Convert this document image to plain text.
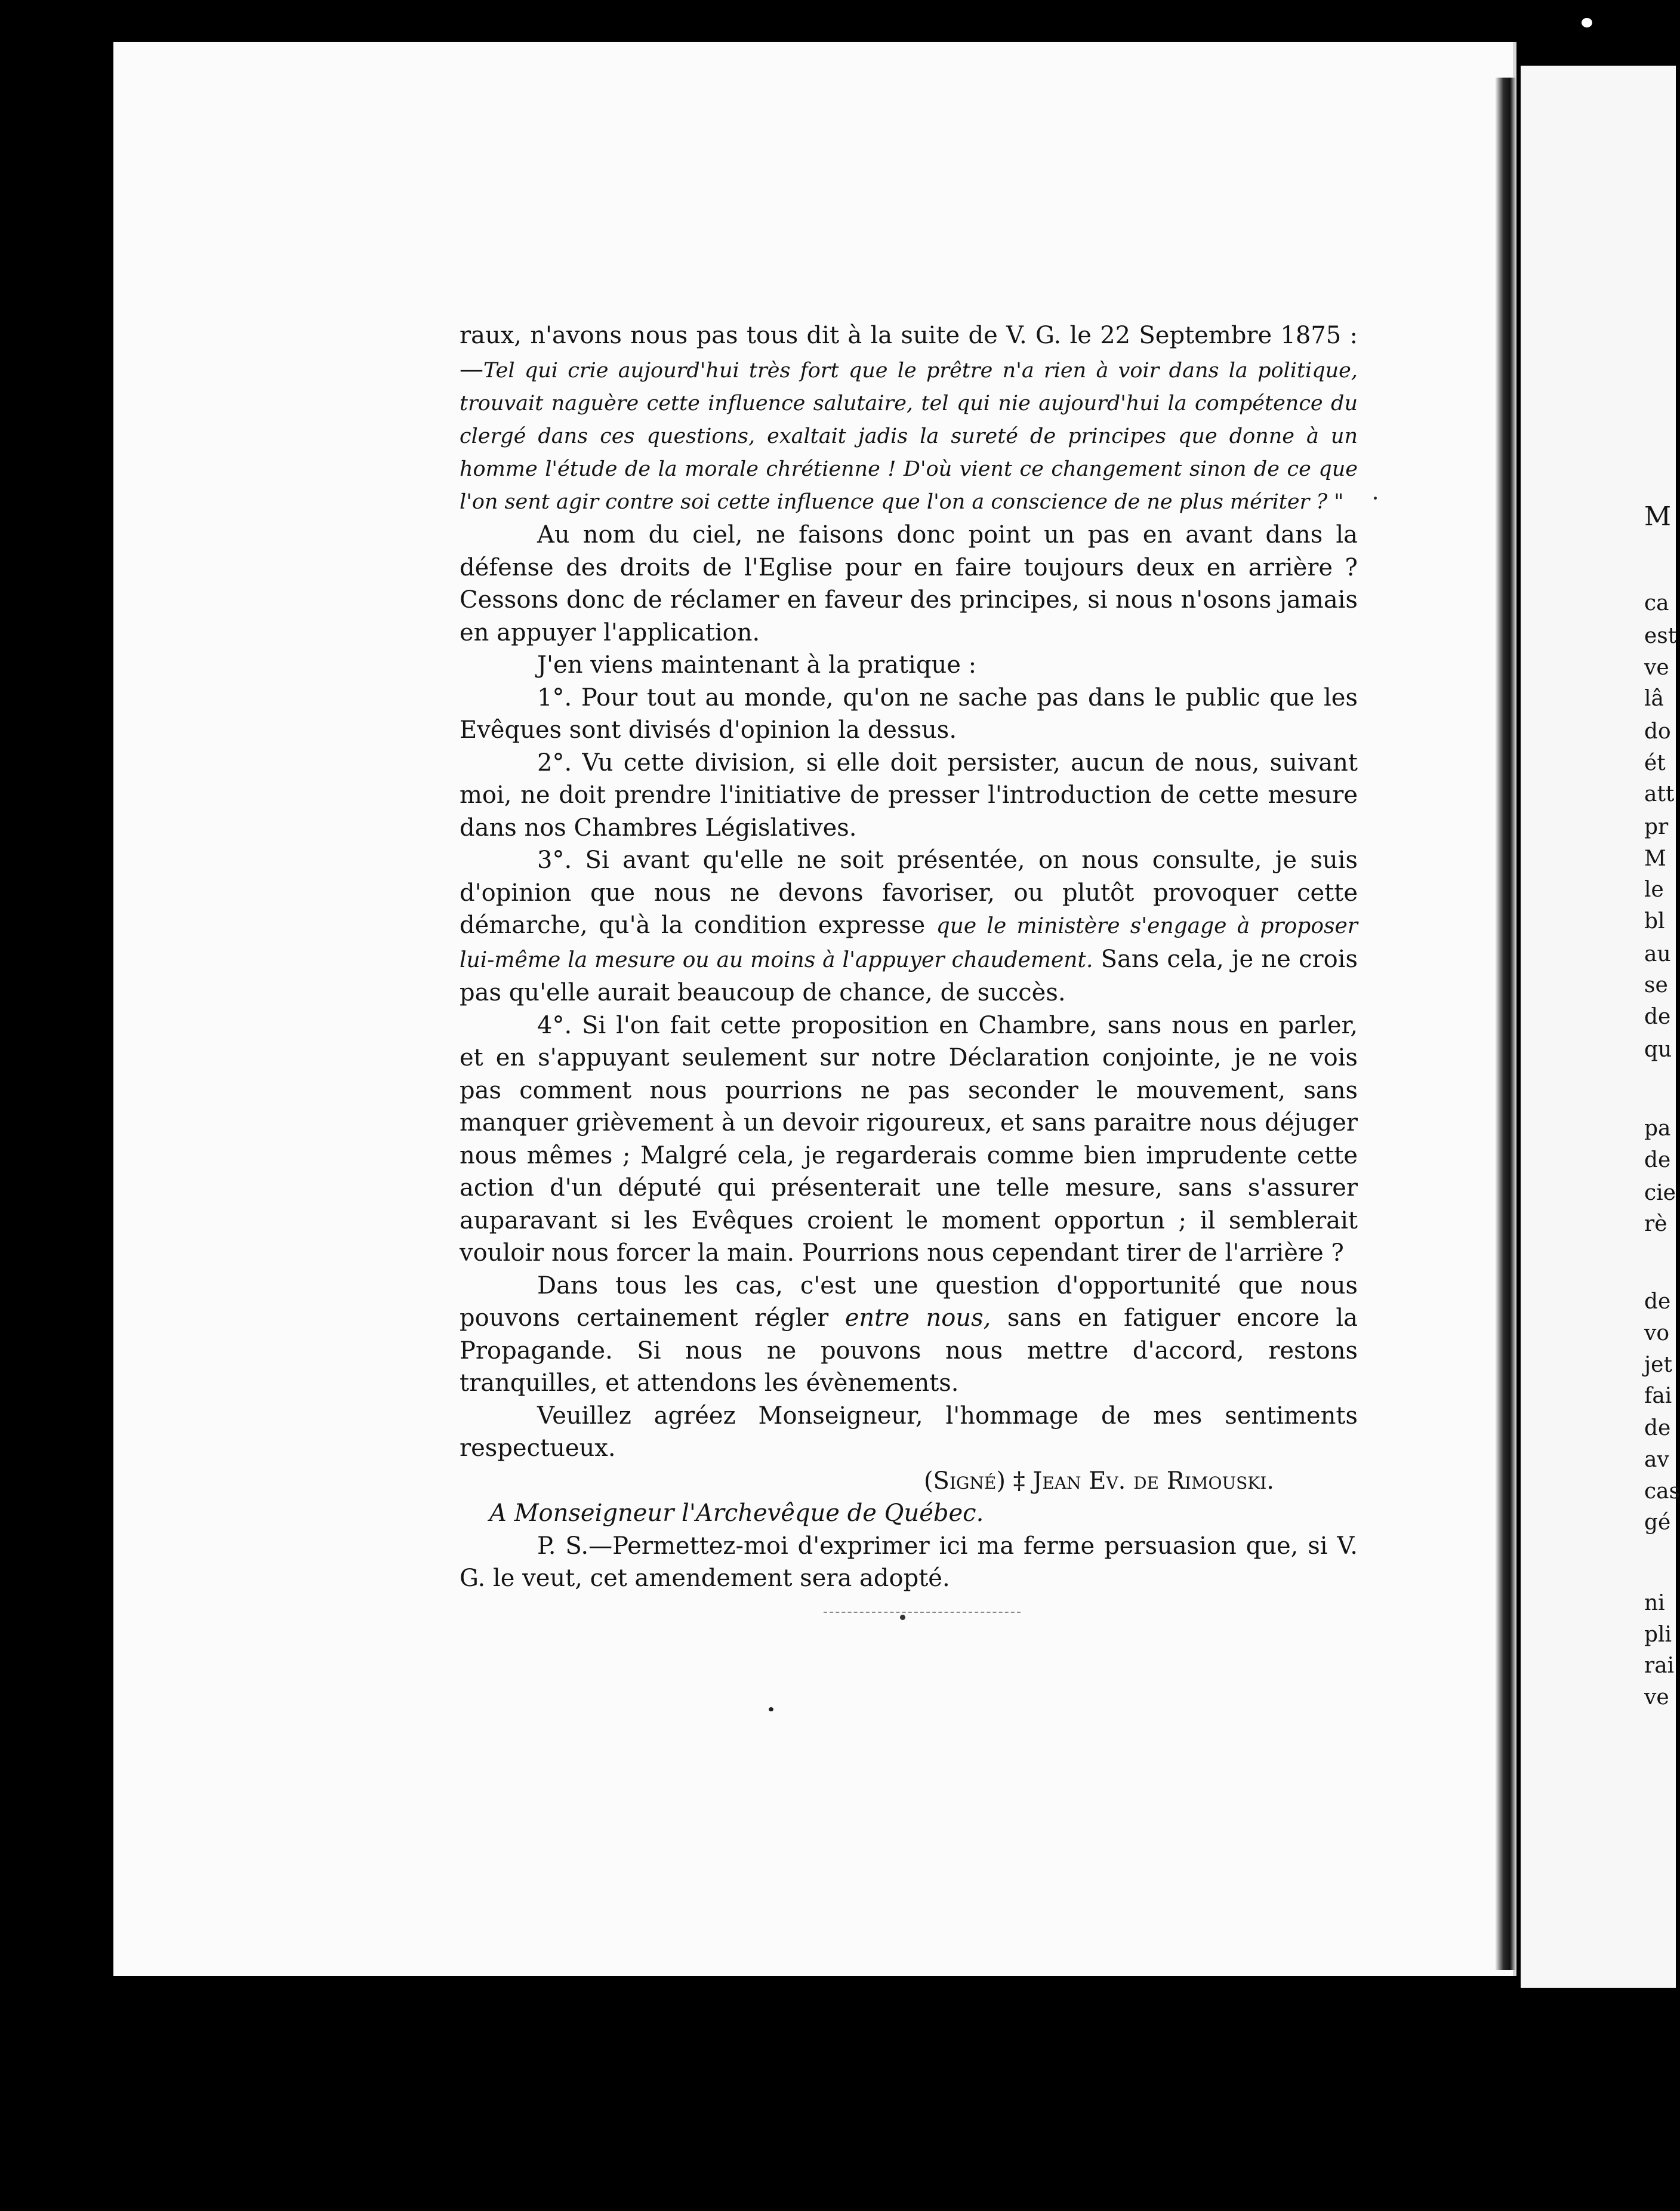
raux, n'avons nous pas tous dit à la suite de V. G. le 22 Septembre 1875 :—Tel qui crie aujourd'hui très fort que le prêtre n'a rien à voir dans la politique, trouvait naguère cette influence salutaire, tel qui nie aujourd'hui la compétence du clergé dans ces questions, exaltait jadis la sureté de principes que donne à un homme l'étude de la morale chrétienne ! D'où vient ce changement sinon de ce que l'on sent agir contre soi cette influence que l'on a conscience de ne plus mériter ? "

Au nom du ciel, ne faisons donc point un pas en avant dans la défense des droits de l'Eglise pour en faire toujours deux en arrière ? Cessons donc de réclamer en faveur des principes, si nous n'osons jamais en appuyer l'application.

J'en viens maintenant à la pratique :

1°. Pour tout au monde, qu'on ne sache pas dans le public que les Evêques sont divisés d'opinion la dessus.

2°. Vu cette division, si elle doit persister, aucun de nous, suivant moi, ne doit prendre l'initiative de presser l'introduction de cette mesure dans nos Chambres Législatives.

3°. Si avant qu'elle ne soit présentée, on nous consulte, je suis d'opinion que nous ne devons favoriser, ou plutôt provoquer cette démarche, qu'à la condition expresse que le ministère s'engage à proposer lui-même la mesure ou au moins à l'appuyer chaudement. Sans cela, je ne crois pas qu'elle aurait beaucoup de chance, de succès.

4°. Si l'on fait cette proposition en Chambre, sans nous en parler, et en s'appuyant seulement sur notre Déclaration conjointe, je ne vois pas comment nous pourrions ne pas seconder le mouvement, sans manquer grièvement à un devoir rigoureux, et sans paraitre nous déjuger nous mêmes ; Malgré cela, je regarderais comme bien imprudente cette action d'un député qui présenterait une telle mesure, sans s'assurer auparavant si les Evêques croient le moment opportun ; il semblerait vouloir nous forcer la main. Pourrions nous cependant tirer de l'arrière ?

Dans tous les cas, c'est une question d'opportunité que nous pouvons certainement régler entre nous, sans en fatiguer encore la Propagande. Si nous ne pouvons nous mettre d'accord, restons tranquilles, et attendons les évènements.

Veuillez agréez Monseigneur, l'hommage de mes sentiments respectueux.

(Signé) ‡ Jean Ev. de Rimouski.

A Monseigneur l'Archevêque de Québec.

P. S.—Permettez-moi d'exprimer ici ma ferme persuasion que, si V. G. le veut, cet amendement sera adopté.

M
ca
est
ve
lâ
do
ét
att
pr
M
le
bl
au
se
de
qu
pa
de
cie
rè
de
vo
jet
fai
de
av
cas
gé
ni
pli
rai
ve
